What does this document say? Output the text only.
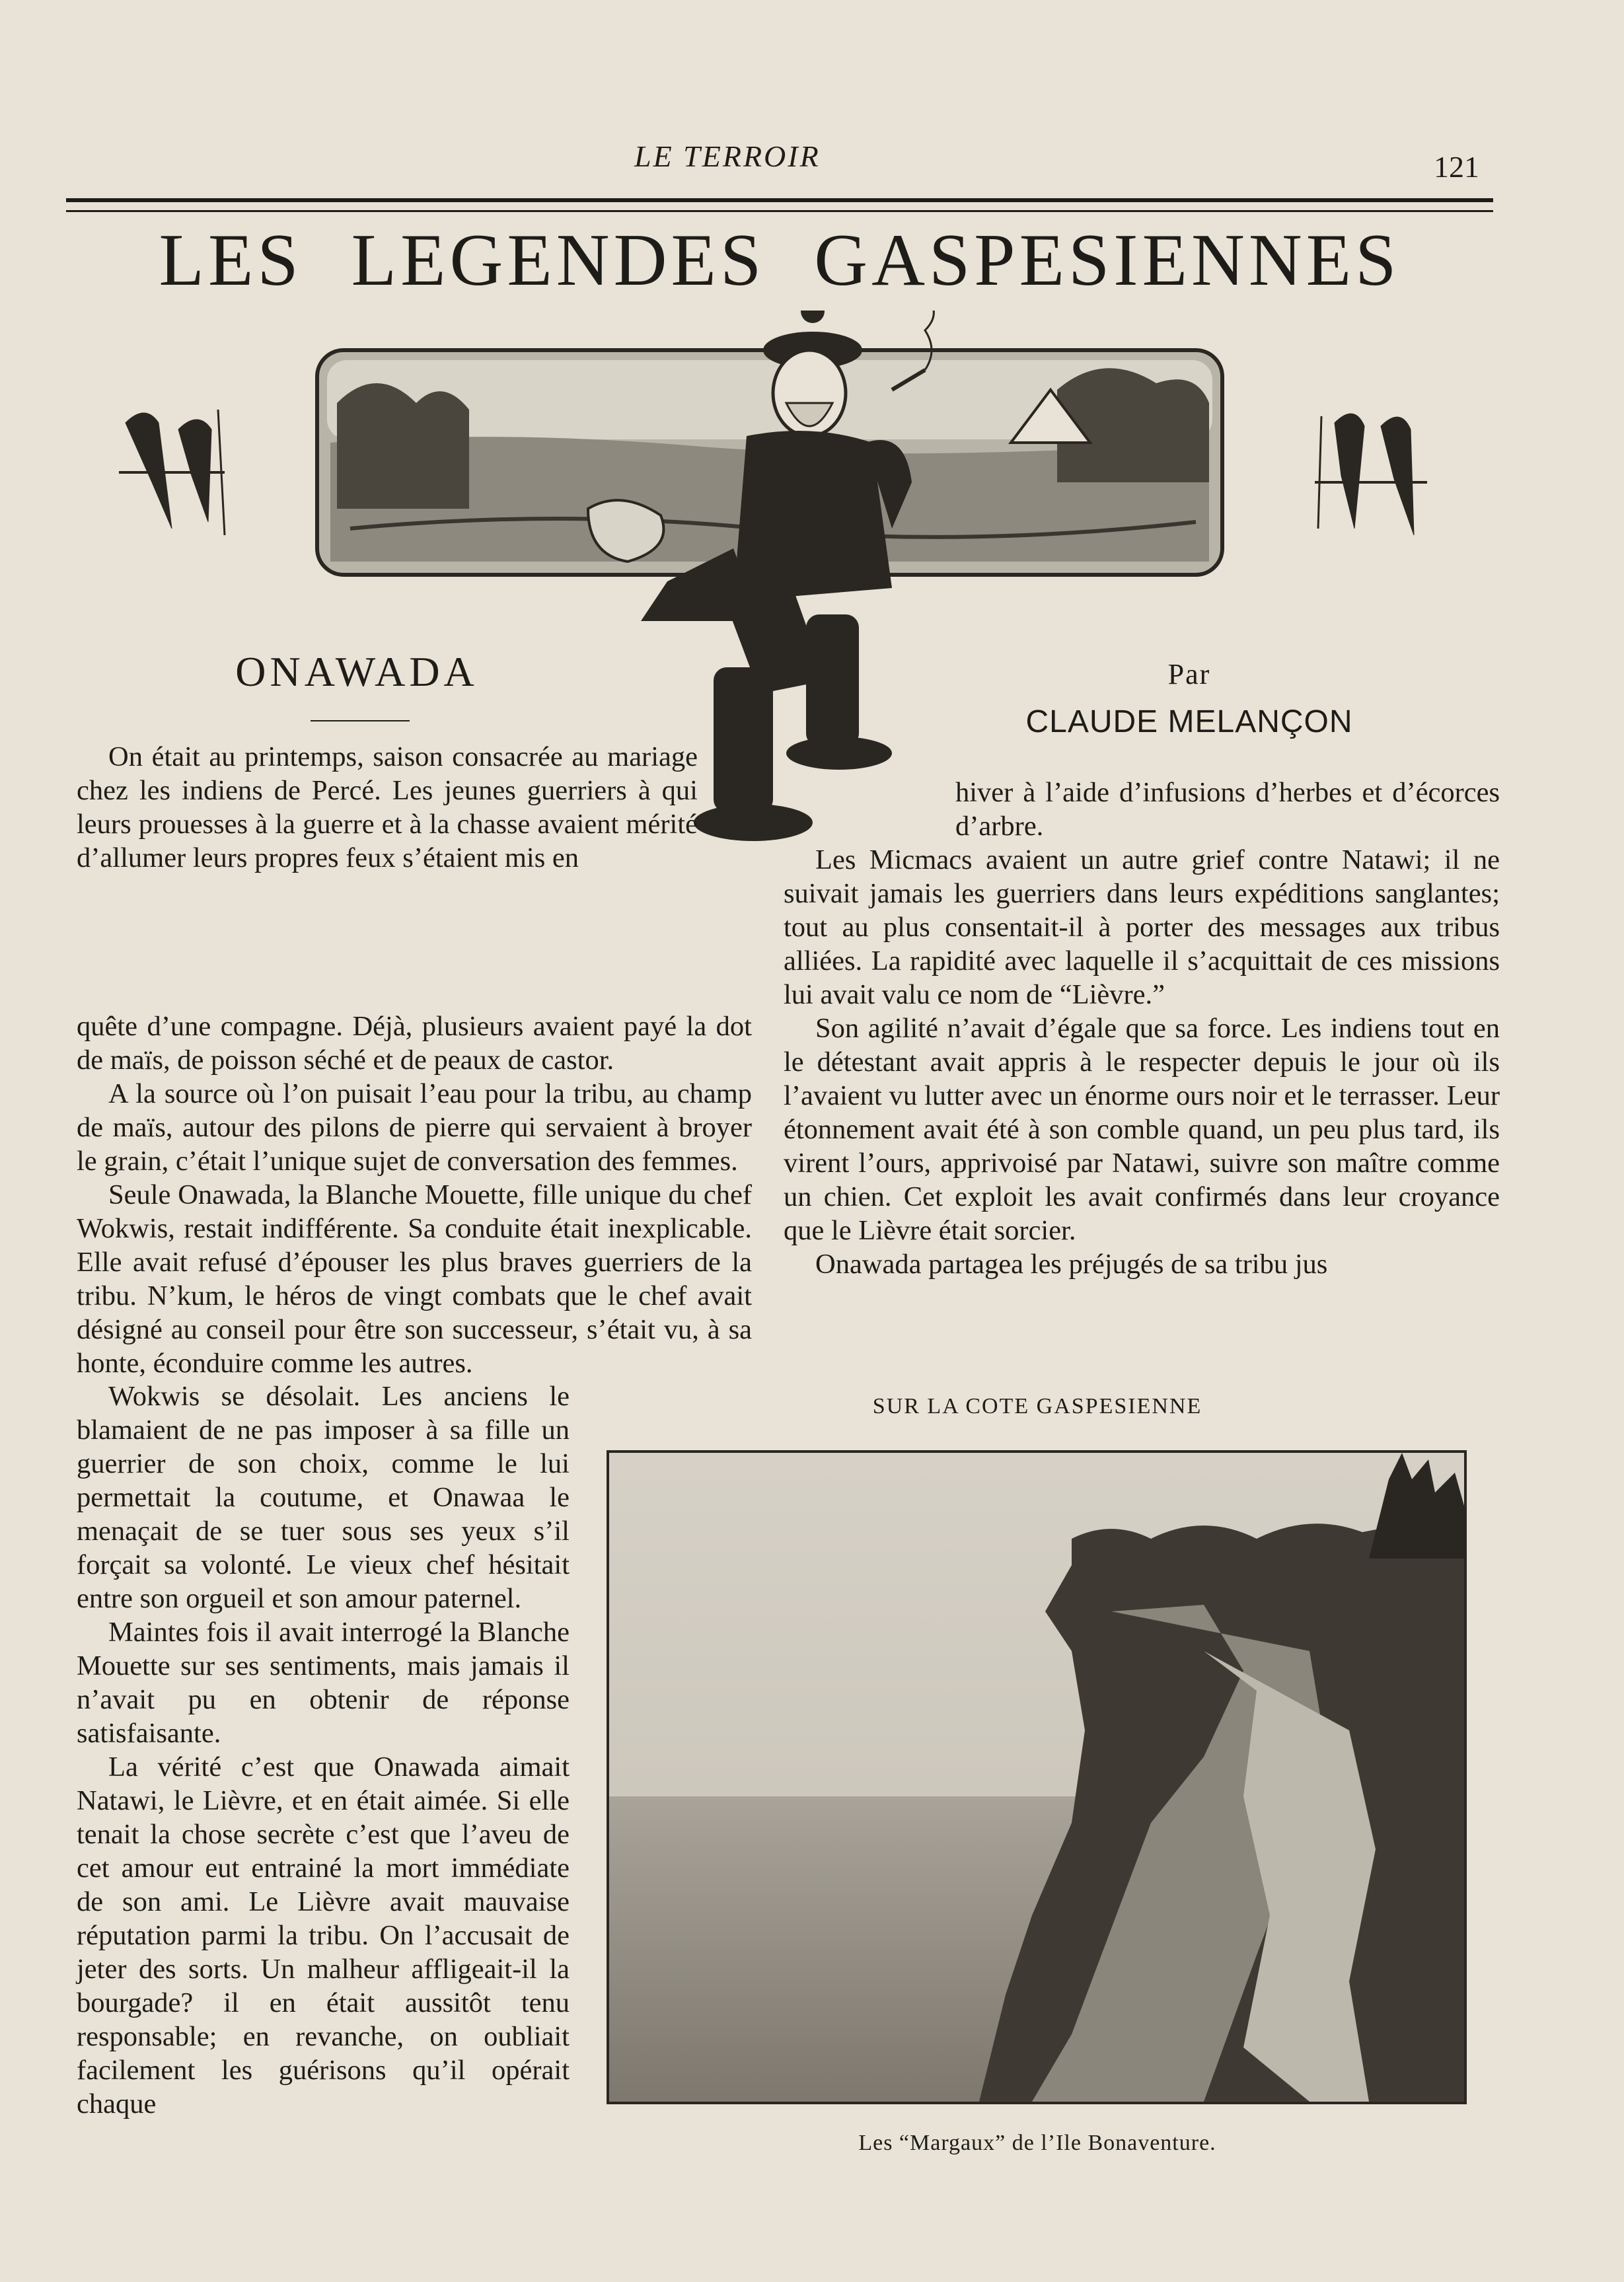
LE TERROIR	121
LES LEGENDES GASPESIENNES
ONAWADA	Par
CLAUDE MELANÇON

On était au printemps, saison consacrée au mariage chez les indiens de Percé. Les jeunes guerriers à qui leurs prouesses à la guerre et à la chasse avaient mérité d’allumer leurs propres feux s’étaient mis en

quête d’une compagne. Déjà, plusieurs avaient payé la dot de maïs, de poisson séché et de peaux de castor.

A la source où l’on puisait l’eau pour la tribu, au champ de maïs, autour des pilons de pierre qui servaient à broyer le grain, c’était l’unique sujet de conversation des femmes.

Seule Onawada, la Blanche Mouette, fille unique du chef Wokwis, restait indifférente. Sa conduite était inexplicable. Elle avait refusé d’épouser les plus braves guerriers de la tribu. N’kum, le héros de vingt combats que le chef avait désigné au conseil pour être son successeur, s’était vu, à sa honte, éconduire comme les autres.

Wokwis se désolait. Les anciens le blamaient de ne pas imposer à sa fille un guerrier de son choix, comme le lui permettait la coutume, et Onawaa le menaçait de se tuer sous ses yeux s’il forçait sa volonté. Le vieux chef hésitait entre son orgueil et son amour paternel.

Maintes fois il avait interrogé la Blanche Mouette sur ses sentiments, mais jamais il n’avait pu en obtenir de réponse satisfaisante.

La vérité c’est que Onawada aimait Natawi, le Lièvre, et en était aimée. Si elle tenait la chose secrète c’est que l’aveu de cet amour eut entrainé la mort immédiate de son ami. Le Lièvre avait mauvaise réputation parmi la tribu. On l’accusait de jeter des sorts. Un malheur affligeait-il la bourgade? il en était aussitôt tenu responsable; en revanche, on oubliait facilement les guérisons qu’il opérait chaque

hiver à l’aide d’infusions d’herbes et d’écorces d’arbre.

Les Micmacs avaient un autre grief contre Natawi; il ne suivait jamais les guerriers dans leurs expéditions sanglantes; tout au plus consentait-il à porter des messages aux tribus alliées. La rapidité avec laquelle il s’acquittait de ces missions lui avait valu ce nom de “Lièvre.”

Son agilité n’avait d’égale que sa force. Les indiens tout en le détestant avait appris à le respecter depuis le jour où ils l’avaient vu lutter avec un énorme ours noir et le terrasser. Leur étonnement avait été à son comble quand, un peu plus tard, ils virent l’ours, apprivoisé par Natawi, suivre son maître comme un chien. Cet exploit les avait confirmés dans leur croyance que le Lièvre était sorcier.

Onawada partagea les préjugés de sa tribu jus

SUR LA COTE GASPESIENNE
Les “Margaux” de l’Ile Bonaventure.
